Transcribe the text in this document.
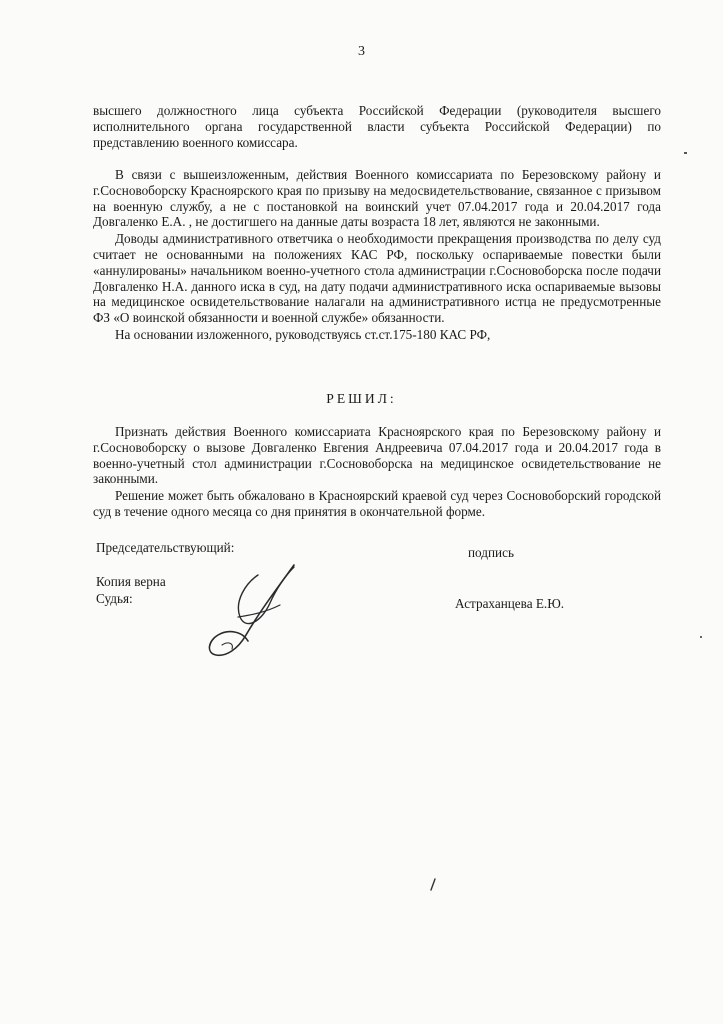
3

высшего должностного лица субъекта Российской Федерации (руководителя высшего исполнительного органа государственной власти субъекта Российской Федерации) по представлению военного комиссара.

В связи с вышеизложенным, действия Военного комиссариата по Березовскому району и г.Сосновоборску Красноярского края по призыву на медосвидетельствование, связанное с призывом на военную службу, а не с постановкой на воинский учет 07.04.2017 года и 20.04.2017 года Довгаленко Е.А. , не достигшего на данные даты возраста 18 лет, являются не законными.

Доводы административного ответчика о необходимости прекращения производства по делу суд считает не основанными на положениях КАС РФ, поскольку оспариваемые повестки были «аннулированы» начальником военно-учетного стола администрации г.Сосновоборска после подачи Довгаленко Н.А. данного иска в суд, на дату подачи административного иска оспариваемые вызовы на медицинское освидетельствование налагали на административного истца не предусмотренные ФЗ «О воинской обязанности и военной службе» обязанности.

На основании изложенного, руководствуясь ст.ст.175-180 КАС РФ,

РЕШИЛ:

Признать действия Военного комиссариата Красноярского края по Березовскому району и г.Сосновоборску о вызове Довгаленко Евгения Андреевича 07.04.2017 года и 20.04.2017 года в военно-учетный стол администрации г.Сосновоборска на медицинское освидетельствование не законными.

Решение может быть обжаловано в Красноярский краевой суд через Сосновоборский городской суд в течение одного месяца со дня принятия в окончательной форме.

Председательствующий:	подпись
Копия верна
Судья:	Астраханцева Е.Ю.
